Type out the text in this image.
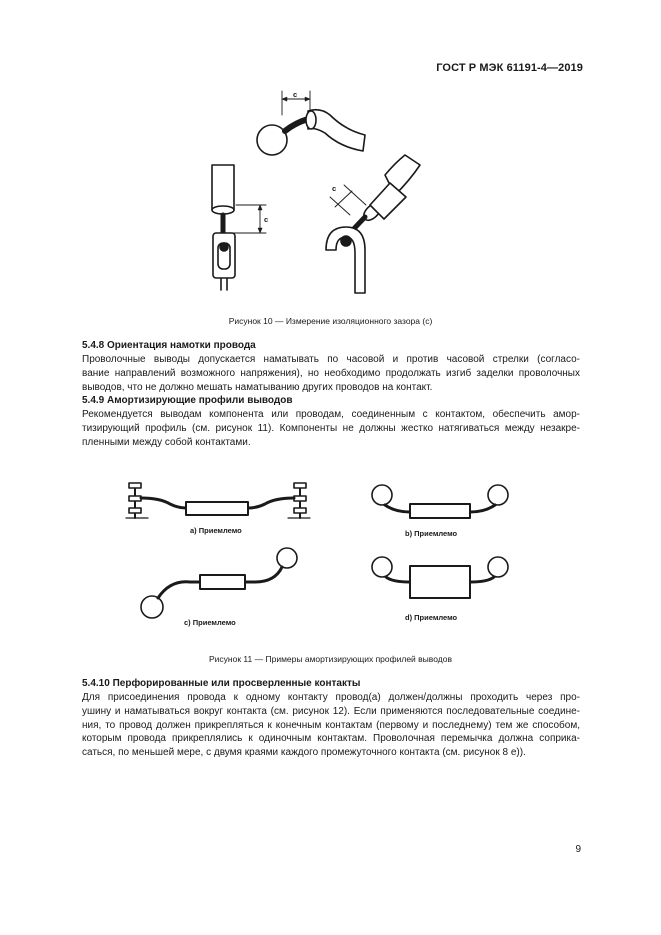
ГОСТ Р МЭК 61191-4—2019
c
c
c
Рисунок 10 — Измерение изоляционного зазора (с)
5.4.8 Ориентация намотки провода
Проволочные выводы допускается наматывать по часовой и против часовой стрелки (согласо-
вание направлений возможного напряжения), но необходимо продолжать изгиб заделки проволочных
выводов, что не должно мешать наматыванию других проводов на контакт.
5.4.9 Амортизирующие профили выводов
Рекомендуется выводам компонента или проводам, соединенным с контактом, обеспечить амор-
тизирующий профиль (см. рисунок 11). Компоненты не должны жестко натягиваться между незакре-
пленными между собой контактами.
a) Приемлемо	b) Приемлемо
c) Приемлемо
d) Приемлемо
Рисунок 11 — Примеры амортизирующих профилей выводов
5.4.10 Перфорированные или просверленные контакты
Для присоединения провода к одному контакту провод(а) должен/должны проходить через про-
ушину и наматываться вокруг контакта (см. рисунок 12). Если применяются последовательные соедине-
ния, то провод должен прикрепляться к конечным контактам (первому и последнему) тем же способом,
которым провода прикреплялись к одиночным контактам. Проволочная перемычка должна соприка-
саться, по меньшей мере, с двумя краями каждого промежуточного контакта (см. рисунок 8 е)).
9
